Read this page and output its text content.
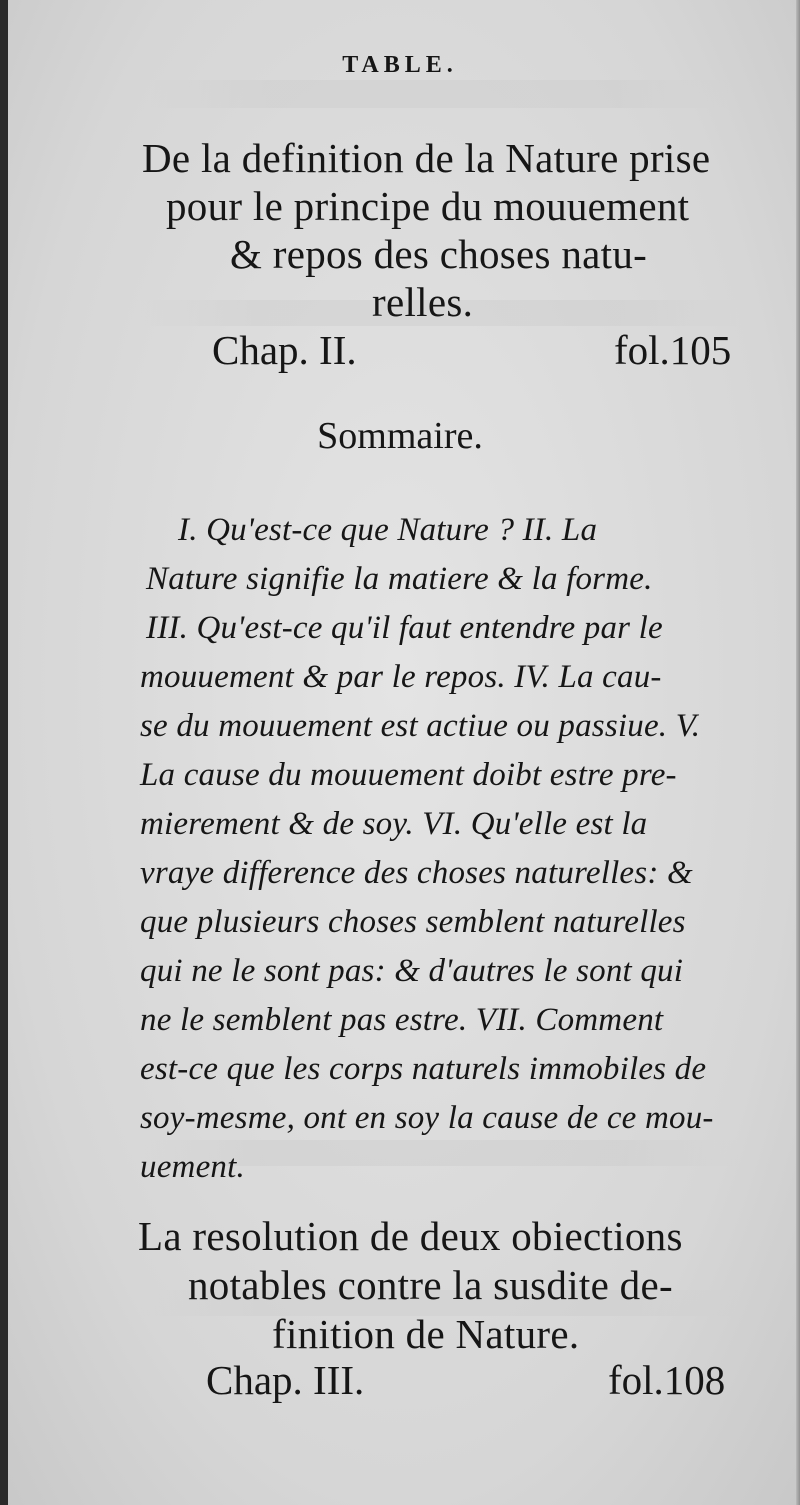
TABLE.
De la definition de la Nature prise
pour le principe du mouuement
& repos des choses natu-
relles.
Chap. II.	fol.105
Sommaire.
I. Qu'est-ce que Nature ? II. La
Nature signifie la matiere & la forme.
III. Qu'est-ce qu'il faut entendre par le
mouuement & par le repos. IV. La cau-
se du mouuement est actiue ou passiue. V.
La cause du mouuement doibt estre pre-
mierement & de soy. VI. Qu'elle est la
vraye difference des choses naturelles: &
que plusieurs choses semblent naturelles
qui ne le sont pas: & d'autres le sont qui
ne le semblent pas estre. VII. Comment
est-ce que les corps naturels immobiles de
soy-mesme, ont en soy la cause de ce mou-
uement.
La resolution de deux obiections
notables contre la susdite de-
finition de Nature.
Chap. III.	fol.108
